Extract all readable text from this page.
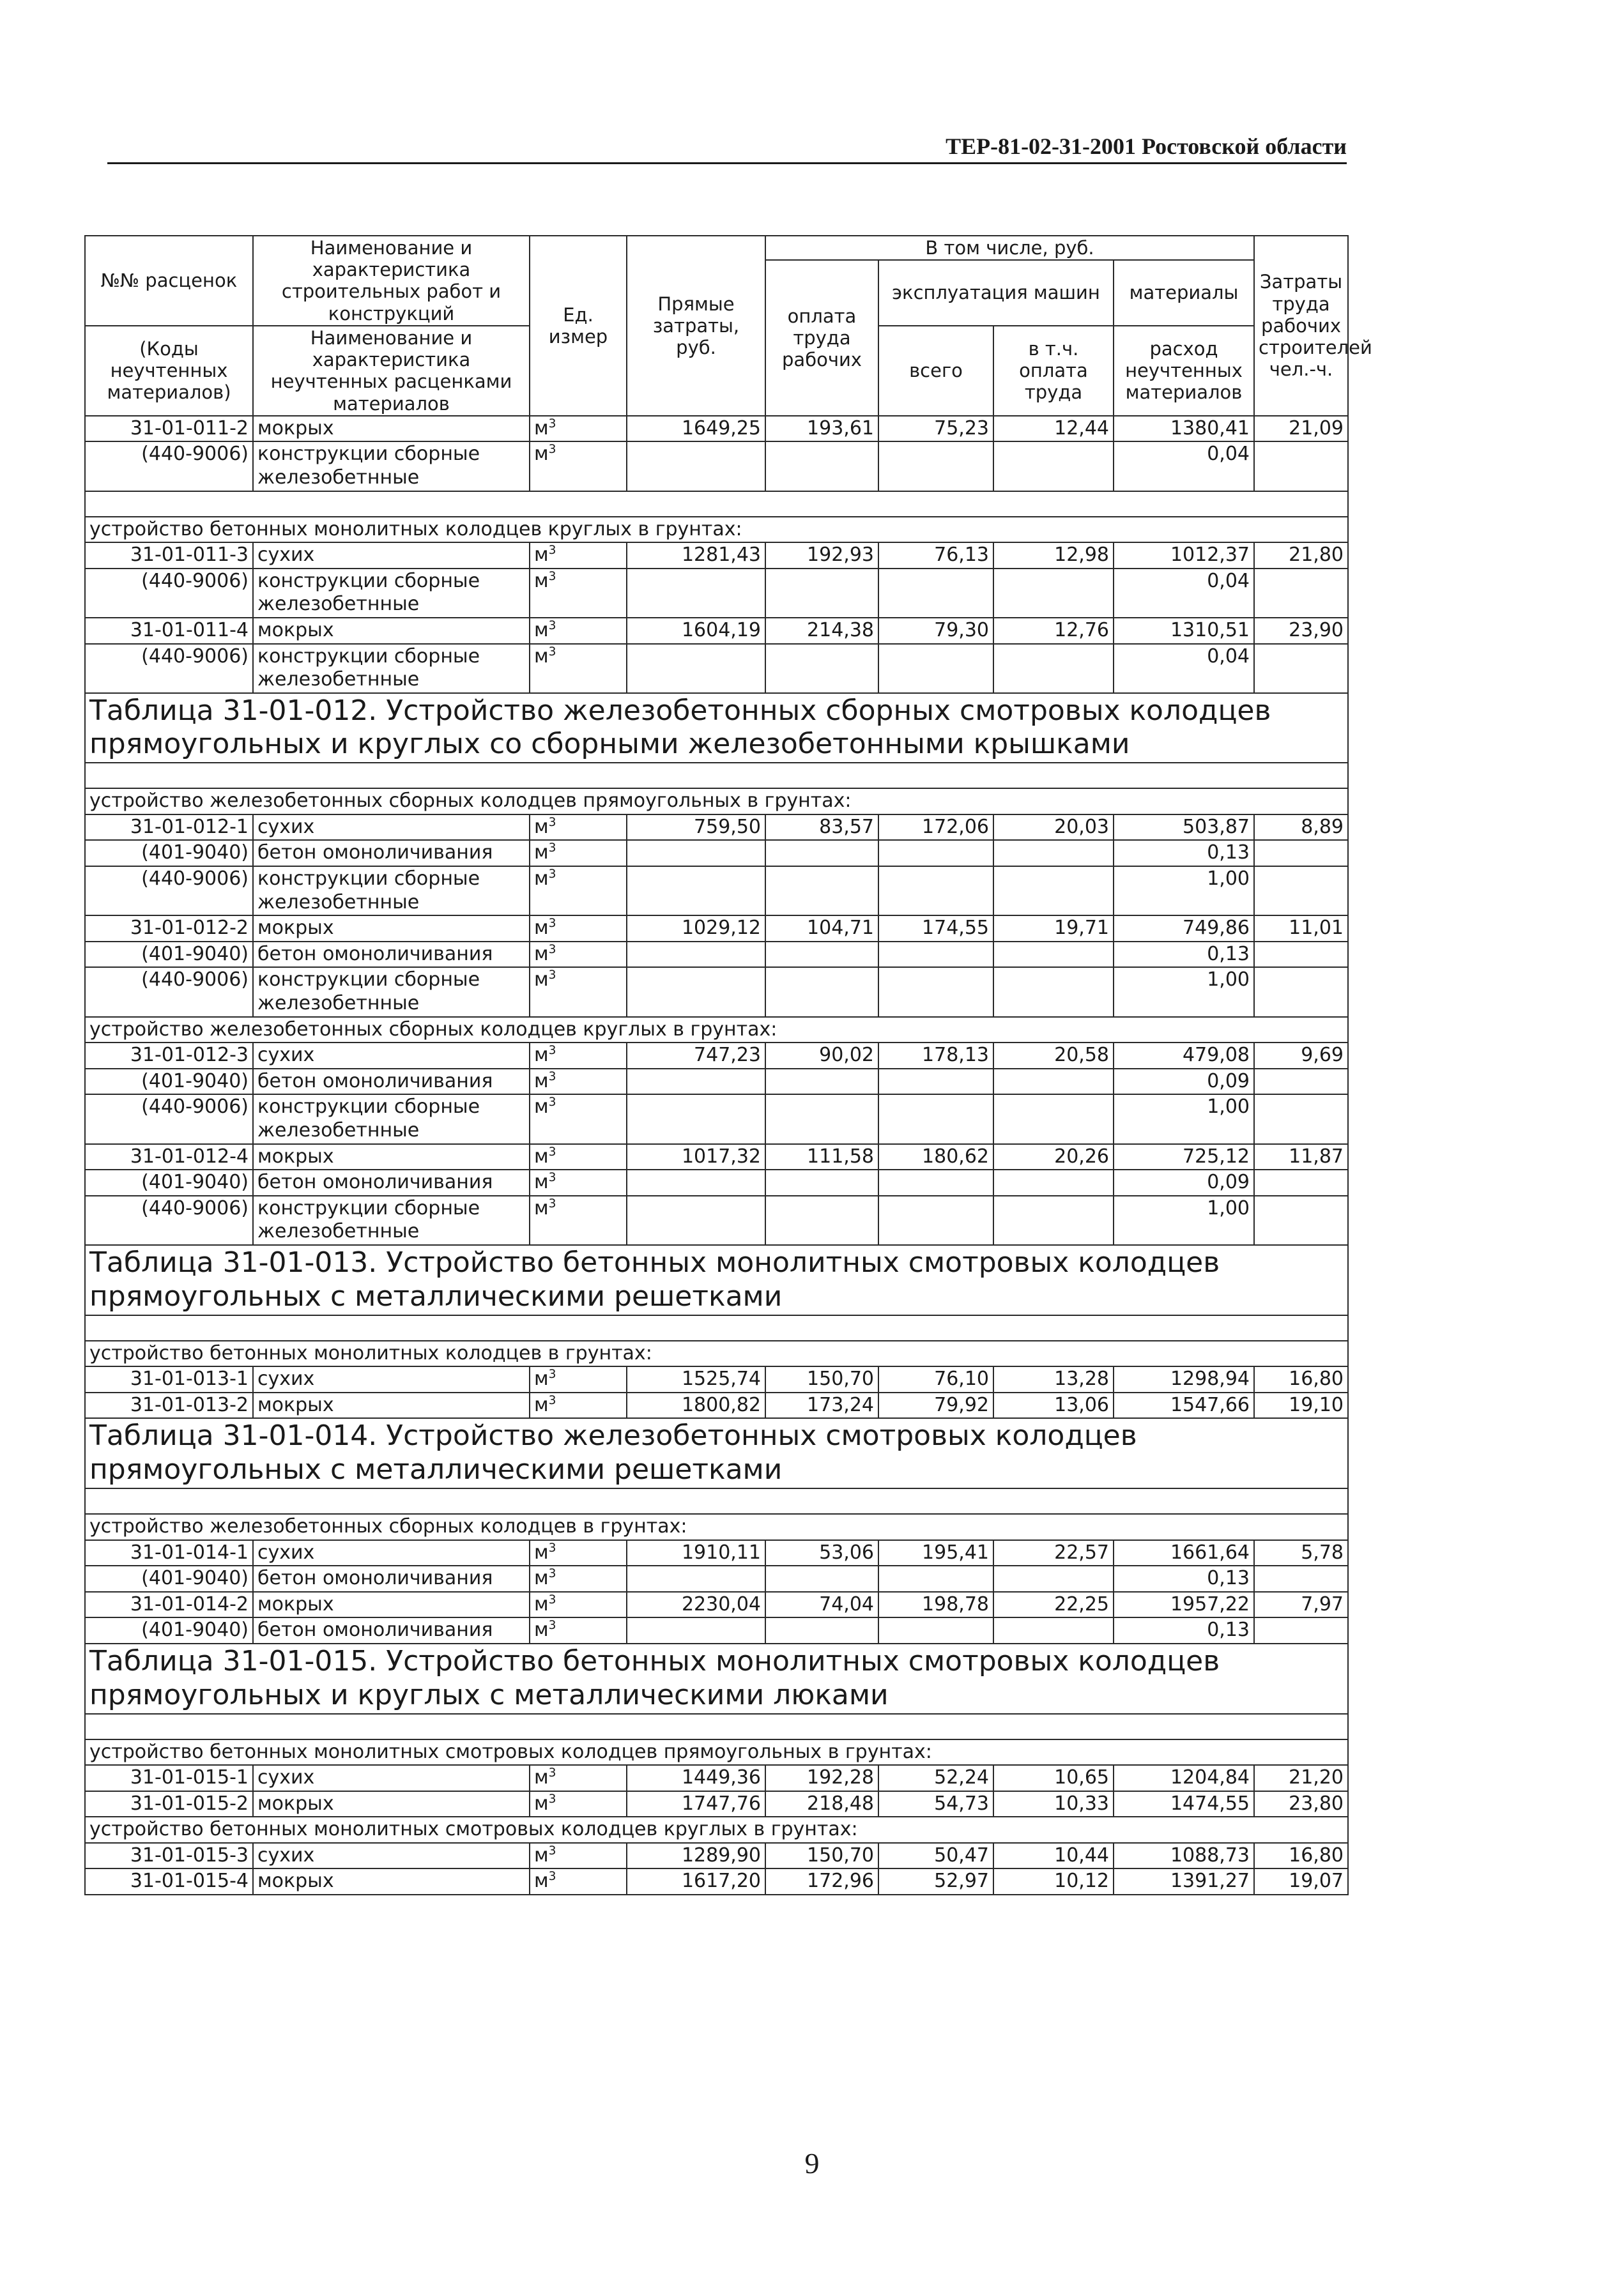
ТЕР-81-02-31-2001 Ростовской области
№№ расценок	Наименование и характеристика строительных работ и конструкций	Ед. измер	Прямые затраты, руб.	В том числе, руб.				Затраты труда рабочих строителей чел.-ч.
				оплата труда рабочих	эксплуатация машин		материалы	
(Коды неучтенных материалов)	Наименование и характеристика неучтенных расценками материалов				всего	в т.ч. оплата труда	расход неучтенных материалов	

31-01-011-2	мокрых	$м^3$	1649,25	193,61	75,23	12,44	1380,41	21,09
(440-9006)	конструкции сборные железобетнные	$м^3$					0,04	

устройство бетонных монолитных колодцев круглых в грунтах:								
31-01-011-3	сухих	$м^3$	1281,43	192,93	76,13	12,98	1012,37	21,80
(440-9006)	конструкции сборные железобетнные	$м^3$					0,04	
31-01-011-4	мокрых	$м^3$	1604,19	214,38	79,30	12,76	1310,51	23,90
(440-9006)	конструкции сборные железобетнные	$м^3$					0,04	
Таблица 31-01-012. Устройство железобетонных сборных смотровых колодцев прямоугольных и круглых со сборными железобетонными крышками								

устройство железобетонных сборных колодцев прямоугольных в грунтах:								
31-01-012-1	сухих	$м^3$	759,50	83,57	172,06	20,03	503,87	8,89
(401-9040)	бетон омоноличивания	$м^3$					0,13	
(440-9006)	конструкции сборные железобетнные	$м^3$					1,00	
31-01-012-2	мокрых	$м^3$	1029,12	104,71	174,55	19,71	749,86	11,01
(401-9040)	бетон омоноличивания	$м^3$					0,13	
(440-9006)	конструкции сборные железобетнные	$м^3$					1,00	
устройство железобетонных сборных колодцев круглых в грунтах:								
31-01-012-3	сухих	$м^3$	747,23	90,02	178,13	20,58	479,08	9,69
(401-9040)	бетон омоноличивания	$м^3$					0,09	
(440-9006)	конструкции сборные железобетнные	$м^3$					1,00	
31-01-012-4	мокрых	$м^3$	1017,32	111,58	180,62	20,26	725,12	11,87
(401-9040)	бетон омоноличивания	$м^3$					0,09	
(440-9006)	конструкции сборные железобетнные	$м^3$					1,00	
Таблица 31-01-013. Устройство бетонных монолитных смотровых колодцев прямоугольных с металлическими решетками								

устройство бетонных монолитных колодцев в грунтах:								
31-01-013-1	сухих	$м^3$	1525,74	150,70	76,10	13,28	1298,94	16,80
31-01-013-2	мокрых	$м^3$	1800,82	173,24	79,92	13,06	1547,66	19,10
Таблица 31-01-014. Устройство железобетонных смотровых колодцев прямоугольных с металлическими решетками								

устройство железобетонных сборных колодцев в грунтах:								
31-01-014-1	сухих	$м^3$	1910,11	53,06	195,41	22,57	1661,64	5,78
(401-9040)	бетон омоноличивания	$м^3$					0,13	
31-01-014-2	мокрых	$м^3$	2230,04	74,04	198,78	22,25	1957,22	7,97
(401-9040)	бетон омоноличивания	$м^3$					0,13	
Таблица 31-01-015. Устройство бетонных монолитных смотровых колодцев прямоугольных и круглых с металлическими люками								

устройство бетонных монолитных смотровых колодцев прямоугольных в грунтах:								
31-01-015-1	сухих	$м^3$	1449,36	192,28	52,24	10,65	1204,84	21,20
31-01-015-2	мокрых	$м^3$	1747,76	218,48	54,73	10,33	1474,55	23,80
устройство бетонных монолитных смотровых колодцев круглых в грунтах:								
31-01-015-3	сухих	$м^3$	1289,90	150,70	50,47	10,44	1088,73	16,80
31-01-015-4	мокрых	$м^3$	1617,20	172,96	52,97	10,12	1391,27	19,07
9
